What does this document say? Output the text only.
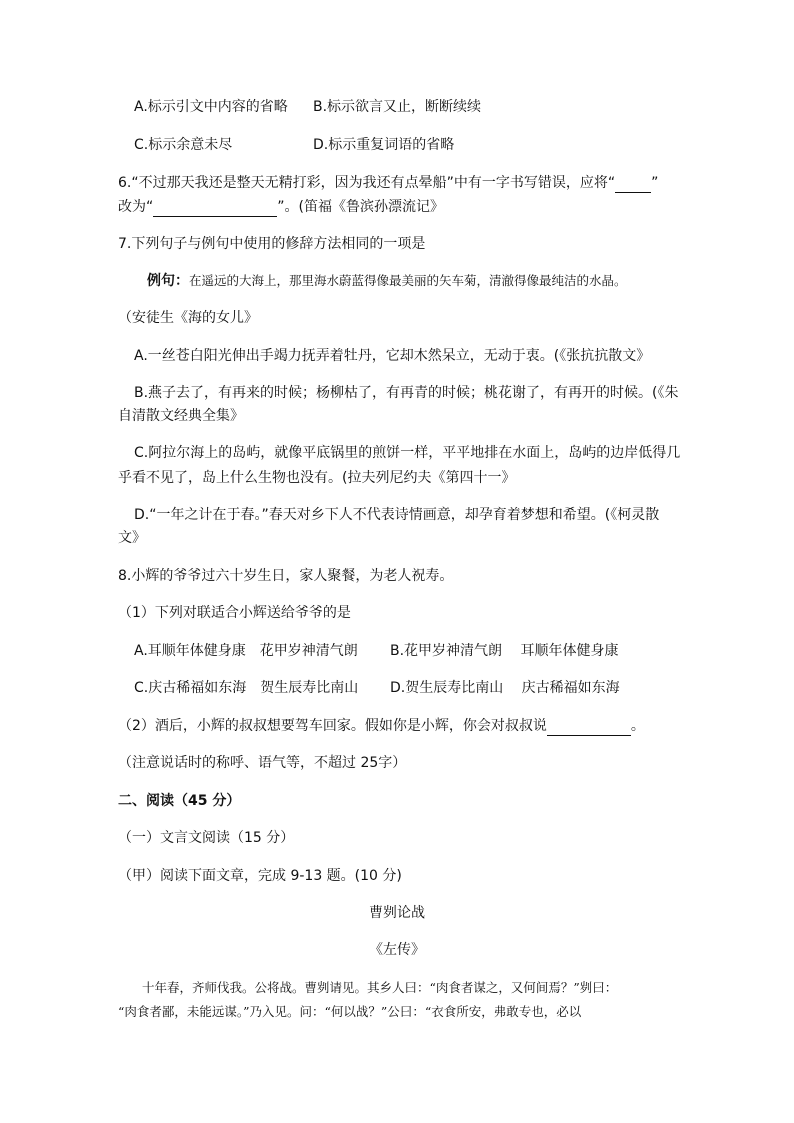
A.标示引文中内容的省略 B.标示欲言又止，断断续续
C.标示余意未尽	D.标示重复词语的省略
6.“不过那天我还是整天无精打彩，因为我还有点晕船”中有一字书写错误，应将“	”
改为“	”。(笛福《鲁滨孙漂流记》
7.下列句子与例句中使用的修辞方法相同的一项是
例句：在遥远的大海上，那里海水蔚蓝得像最美丽的矢车菊，清澈得像最纯洁的水晶。
（安徒生《海的女儿》
A.一丝苍白阳光伸出手竭力抚弄着牡丹，它却木然呆立，无动于衷。(《张抗抗散文》
B.燕子去了，有再来的时候；杨柳枯了，有再青的时候；桃花谢了，有再开的时候。(《朱
自清散文经典全集》
C.阿拉尔海上的岛屿，就像平底锅里的煎饼一样，平平地排在水面上，岛屿的边岸低得几
乎看不见了，岛上什么生物也没有。(拉夫列尼约夫《第四十一》
D.“一年之计在于春。”春天对乡下人不代表诗情画意，却孕育着梦想和希望。(《柯灵散
文》
8.小辉的爷爷过六十岁生日，家人聚餐，为老人祝寿。
（1）下列对联适合小辉送给爷爷的是
A.耳顺年体健身康　花甲岁神清气朗 B.花甲岁神清气朗　 耳顺年体健身康
C.庆古稀福如东海　贺生辰寿比南山 D.贺生辰寿比南山　 庆古稀福如东海
（2）酒后，小辉的叔叔想要驾车回家。假如你是小辉，你会对叔叔说	。
（注意说话时的称呼、语气等，不超过 25字）
二、阅读（45 分）
（一）文言文阅读（15 分）
（甲）阅读下面文章，完成 9-13 题。(10 分)
曹刿论战
《左传》
十年春，齐师伐我。公将战。曹刿请见。其乡人曰：“肉食者谋之，又何间焉？”刿曰：
“肉食者鄙，未能远谋。”乃入见。问：“何以战？”公曰：“衣食所安，弗敢专也，必以
